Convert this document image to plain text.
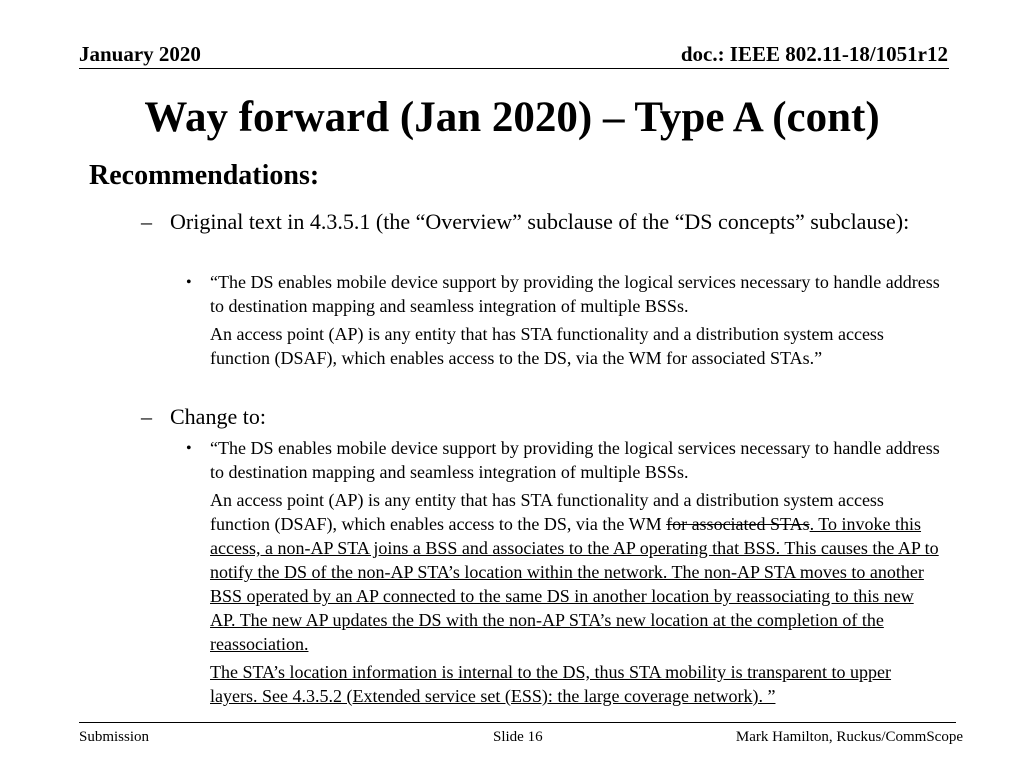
January 2020	doc.: IEEE 802.11-18/1051r12
Way forward (Jan 2020) – Type A (cont)
Recommendations:
– Original text in 4.3.5.1 (the “Overview” subclause of the “DS concepts” subclause):
• “The DS enables mobile device support by providing the logical services necessary to handle address to destination mapping and seamless integration of multiple BSSs.
An access point (AP) is any entity that has STA functionality and a distribution system access function (DSAF), which enables access to the DS, via the WM for associated STAs.”
– Change to:
• “The DS enables mobile device support by providing the logical services necessary to handle address to destination mapping and seamless integration of multiple BSSs.
An access point (AP) is any entity that has STA functionality and a distribution system access function (DSAF), which enables access to the DS, via the WM for associated STAs. To invoke this access, a non-AP STA joins a BSS and associates to the AP operating that BSS. This causes the AP to notify the DS of the non-AP STA’s location within the network. The non-AP STA moves to another BSS operated by an AP connected to the same DS in another location by reassociating to this new AP. The new AP updates the DS with the non-AP STA’s new location at the completion of the reassociation.
The STA’s location information is internal to the DS, thus STA mobility is transparent to upper layers. See 4.3.5.2 (Extended service set (ESS): the large coverage network). ”
Submission	Slide 16	Mark Hamilton, Ruckus/CommScope
